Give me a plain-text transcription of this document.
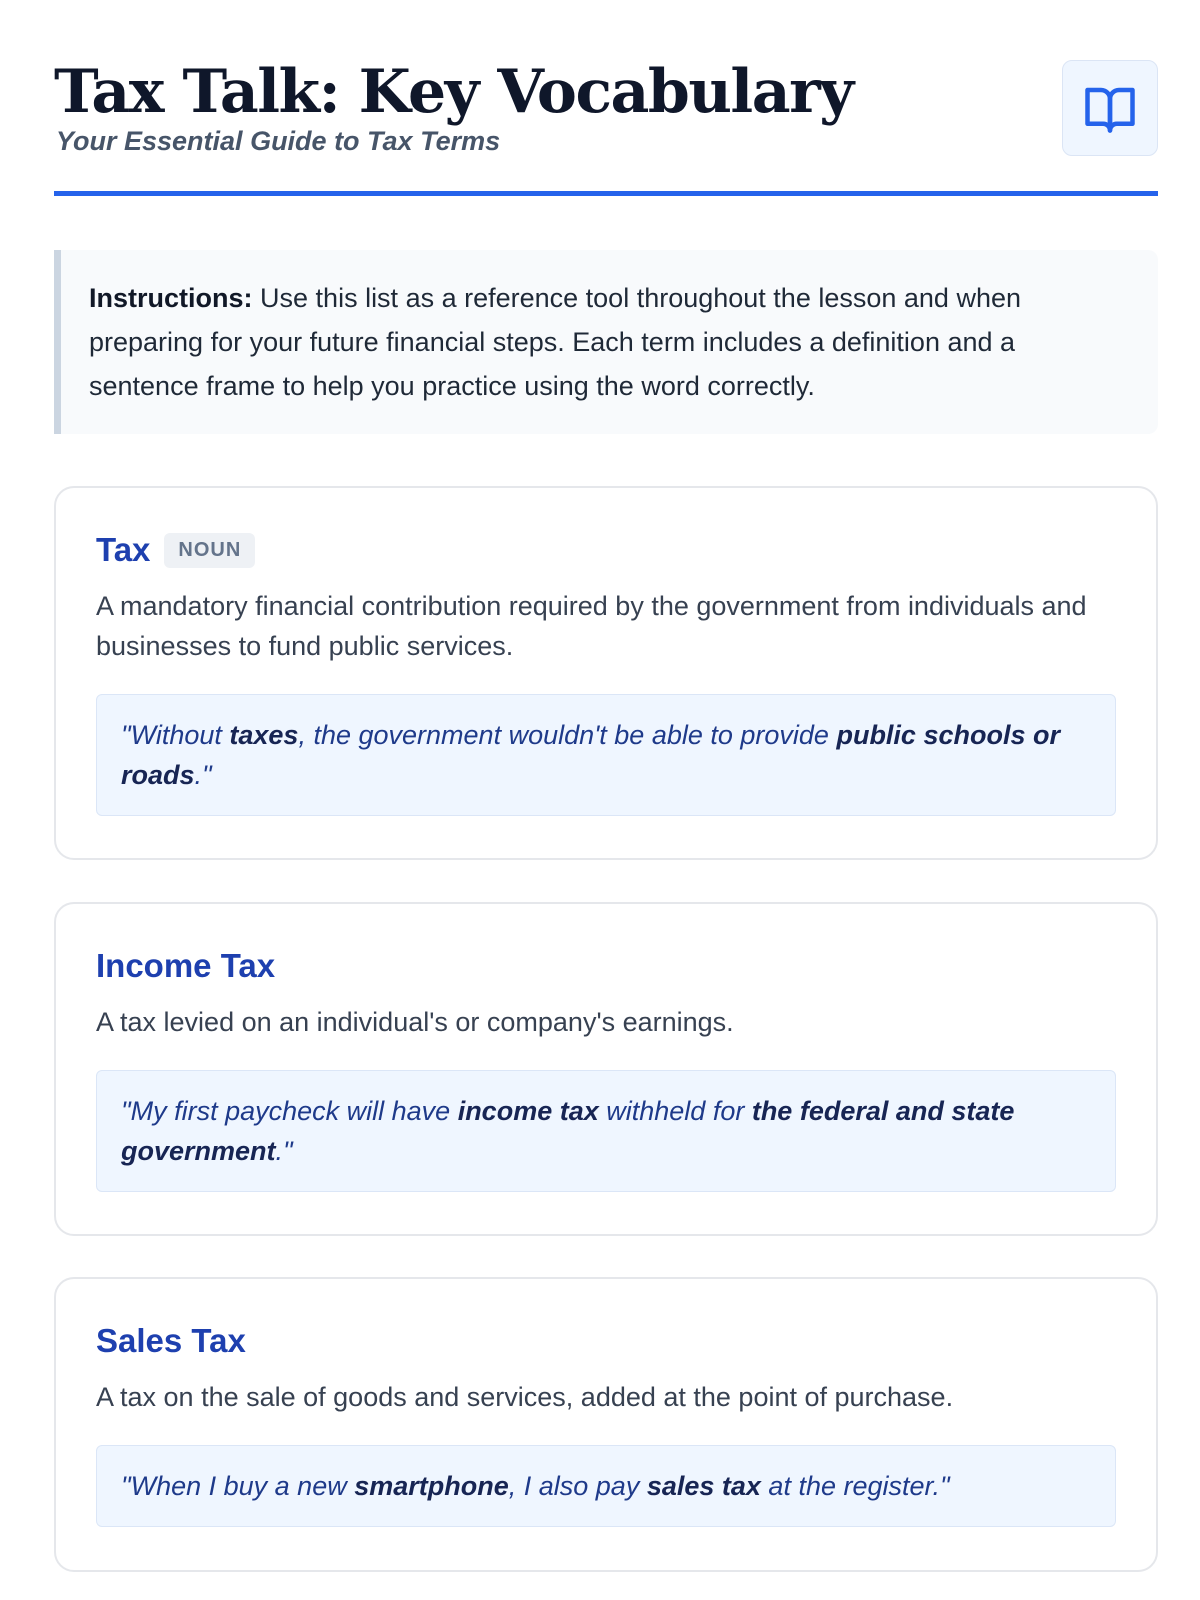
Tax Talk: Key Vocabulary

Your Essential Guide to Tax Terms

Instructions: Use this list as a reference tool throughout the lesson and when preparing for your future financial steps. Each term includes a definition and a sentence frame to help you practice using the word correctly.
Tax	NOUN

A mandatory financial contribution required by the government from individuals and businesses to fund public services.

"Without taxes, the government wouldn't be able to provide public schools or roads."
Income Tax

A tax levied on an individual's or company's earnings.

"My first paycheck will have income tax withheld for the federal and state government."
Sales Tax

A tax on the sale of goods and services, added at the point of purchase.

"When I buy a new smartphone, I also pay sales tax at the register."
